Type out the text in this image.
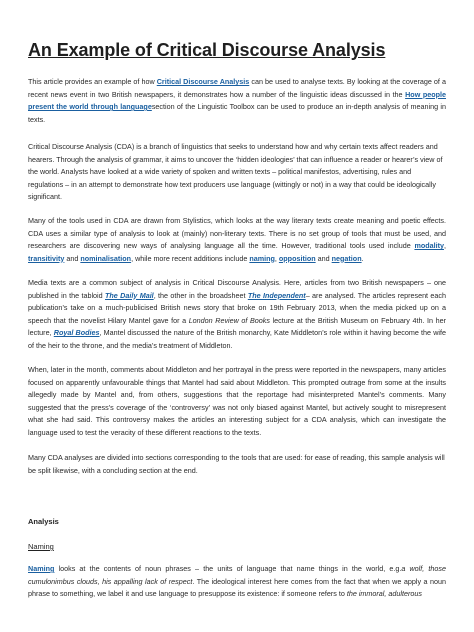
An Example of Critical Discourse Analysis

This article provides an example of how Critical Discourse Analysis can be used to analyse texts. By looking at the coverage of a recent news event in two British newspapers, it demonstrates how a number of the linguistic ideas discussed in the How people present the world through languagesection of the Linguistic Toolbox can be used to produce an in-depth analysis of meaning in texts.

Critical Discourse Analysis (CDA) is a branch of linguistics that seeks to understand how and why certain texts affect readers and hearers. Through the analysis of grammar, it aims to uncover the ‘hidden ideologies’ that can influence a reader or hearer’s view of the world. Analysts have looked at a wide variety of spoken and written texts – political manifestos, advertising, rules and regulations – in an attempt to demonstrate how text producers use language (wittingly or not) in a way that could be ideologically significant.

Many of the tools used in CDA are drawn from Stylistics, which looks at the way literary texts create meaning and poetic effects. CDA uses a similar type of analysis to look at (mainly) non-literary texts. There is no set group of tools that must be used, and researchers are discovering new ways of analysing language all the time. However, traditional tools used include modality, transitivity and nominalisation, while more recent additions include naming, opposition and negation.

Media texts are a common subject of analysis in Critical Discourse Analysis. Here, articles from two British newspapers – one published in the tabloid The Daily Mail, the other in the broadsheet The Independent– are analysed. The articles represent each publication’s take on a much-publicised British news story that broke on 19th February 2013, when the media picked up on a speech that the novelist Hilary Mantel gave for a London Review of Books lecture at the British Museum on February 4th. In her lecture, Royal Bodies, Mantel discussed the nature of the British monarchy, Kate Middleton’s role within it having become the wife of the heir to the throne, and the media’s treatment of Middleton.

When, later in the month, comments about Middleton and her portrayal in the press were reported in the newspapers, many articles focused on apparently unfavourable things that Mantel had said about Middleton. This prompted outrage from some at the insults allegedly made by Mantel and, from others, suggestions that the reportage had misinterpreted Mantel’s comments. Many suggested that the press’s coverage of the ‘controversy’ was not only biased against Mantel, but actively sought to misrepresent what she had said. This controversy makes the articles an interesting subject for a CDA analysis, which can investigate the language used to test the veracity of these different reactions to the texts.

Many CDA analyses are divided into sections corresponding to the tools that are used: for ease of reading, this sample analysis will be split likewise, with a concluding section at the end.

Analysis

Naming

Naming looks at the contents of noun phrases – the units of language that name things in the world, e.g.a wolf, those cumulonimbus clouds, his appalling lack of respect. The ideological interest here comes from the fact that when we apply a noun phrase to something, we label it and use language to presuppose its existence: if someone refers to the immoral, adulterous
